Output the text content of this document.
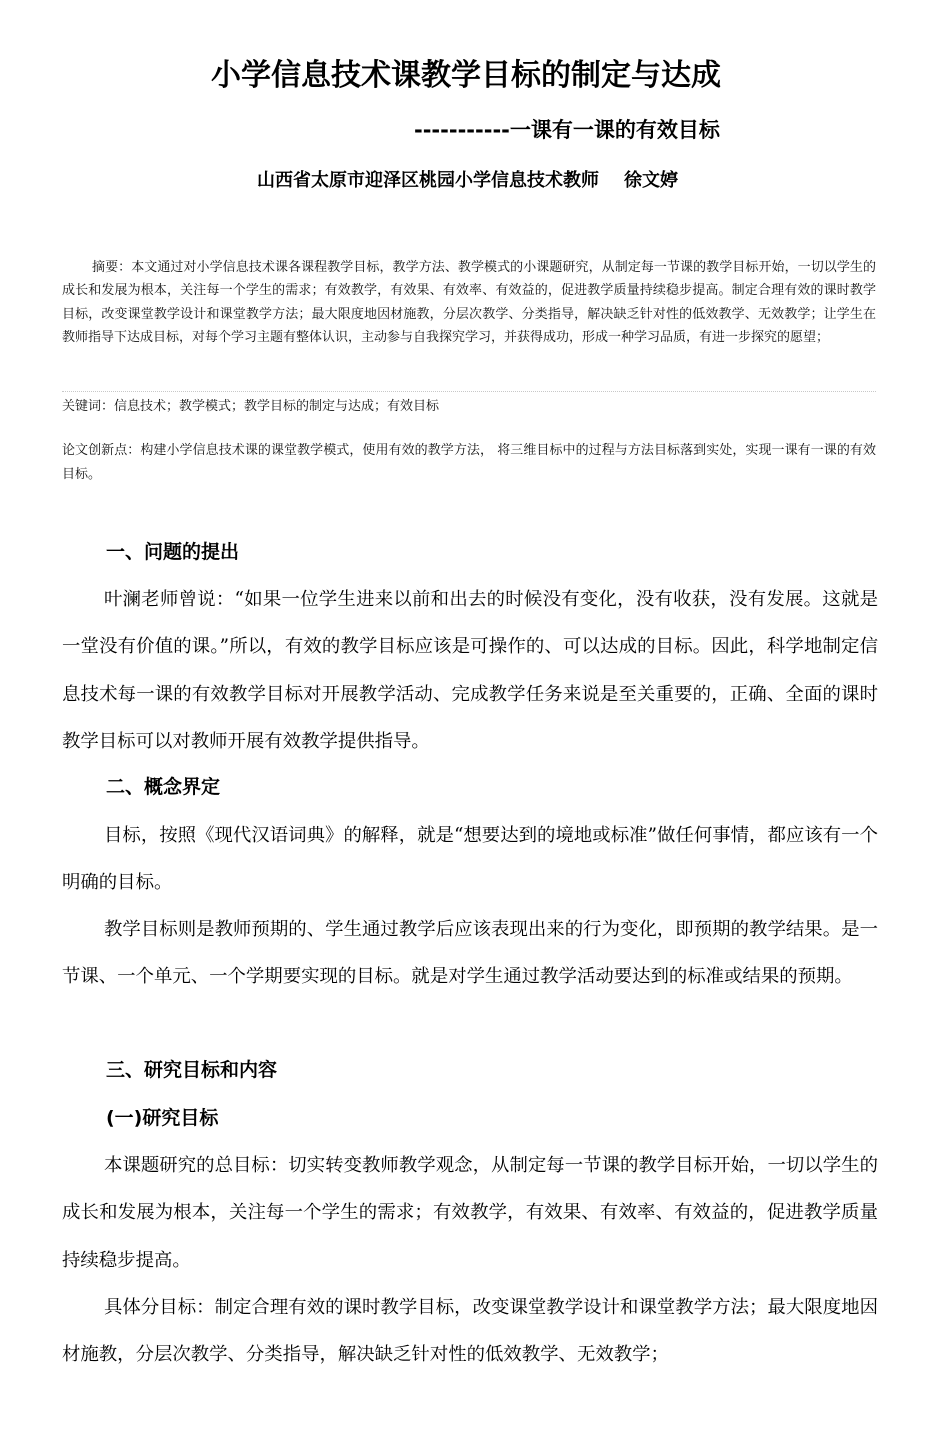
小学信息技术课教学目标的制定与达成
-----------一课有一课的有效目标
山西省太原市迎泽区桃园小学信息技术教师    徐文婷
摘要：本文通过对小学信息技术课各课程教学目标，教学方法、教学模式的小课题研究，从制定每一节课的教学目标开始，一切以学生的成长和发展为根本，关注每一个学生的需求；有效教学，有效果、有效率、有效益的，促进教学质量持续稳步提高。制定合理有效的课时教学目标，改变课堂教学设计和课堂教学方法；最大限度地因材施教，分层次教学、分类指导，解决缺乏针对性的低效教学、无效教学；让学生在教师指导下达成目标，对每个学习主题有整体认识，主动参与自我探究学习，并获得成功，形成一种学习品质，有进一步探究的愿望；
关键词：信息技术；教学模式；教学目标的制定与达成；有效目标
论文创新点：构建小学信息技术课的课堂教学模式，使用有效的教学方法， 将三维目标中的过程与方法目标落到实处，实现一课有一课的有效目标。
一、问题的提出
叶澜老师曾说：“如果一位学生进来以前和出去的时候没有变化，没有收获，没有发展。这就是一堂没有价值的课。”所以，有效的教学目标应该是可操作的、可以达成的目标。因此，科学地制定信息技术每一课的有效教学目标对开展教学活动、完成教学任务来说是至关重要的，正确、全面的课时教学目标可以对教师开展有效教学提供指导。
二、概念界定
目标，按照《现代汉语词典》的解释，就是“想要达到的境地或标准”做任何事情，都应该有一个明确的目标。
教学目标则是教师预期的、学生通过教学后应该表现出来的行为变化，即预期的教学结果。是一节课、一个单元、一个学期要实现的目标。就是对学生通过教学活动要达到的标准或结果的预期。
三、研究目标和内容
(一)研究目标
本课题研究的总目标：切实转变教师教学观念，从制定每一节课的教学目标开始，一切以学生的成长和发展为根本，关注每一个学生的需求；有效教学，有效果、有效率、有效益的，促进教学质量持续稳步提高。
具体分目标：制定合理有效的课时教学目标，改变课堂教学设计和课堂教学方法；最大限度地因材施教，分层次教学、分类指导，解决缺乏针对性的低效教学、无效教学；
